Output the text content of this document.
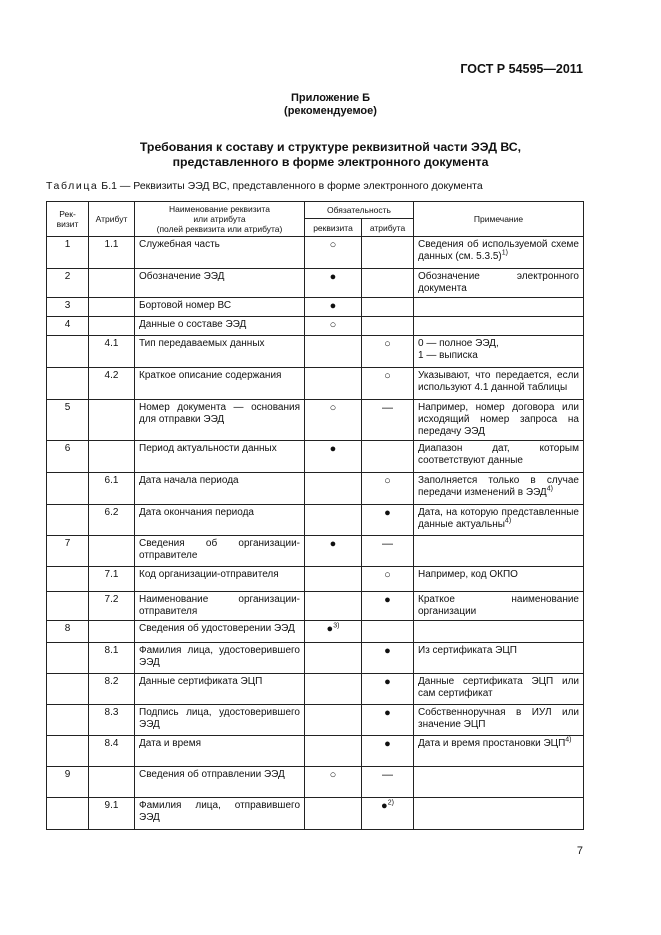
ГОСТ Р 54595—2011
Приложение Б
(рекомендуемое)
Требования к составу и структуре реквизитной части ЭЭД ВС,
представленного в форме электронного документа
Таблица Б.1 — Реквизиты ЭЭД ВС, представленного в форме электронного документа
Рек-
визит	Атрибут	Наименование реквизита
или атрибута
(полей реквизита или атрибута)	Обязательность		Примечание
			реквизита	атрибута	
1	1.1	Служебная часть	○		Сведения об используемой схеме данных (см. 5.3.5)$^{1)}$
2		Обозначение ЭЭД	●		Обозначение электронного документа
3		Бортовой номер ВС	●		
4		Данные о составе ЭЭД	○		
	4.1	Тип передаваемых данных		○	0 — полное ЭЭД,
1 — выписка
	4.2	Краткое описание содержания		○	Указывают, что передается, если используют 4.1 данной таблицы
5		Номер документа — основания для отправки ЭЭД	○	—	Например, номер договора или исходящий номер запроса на передачу ЭЭД
6		Период актуальности данных	●		Диапазон дат, которым соответствуют данные
	6.1	Дата начала периода		○	Заполняется только в случае передачи изменений в ЭЭД$^{4)}$
	6.2	Дата окончания периода		●	Дата, на которую представленные данные актуальны$^{4)}$
7		Сведения об организации-отправителе	●	—	
	7.1	Код организации-отправителя		○	Например, код ОКПО
	7.2	Наименование организации-отправителя		●	Краткое наименование организации
8		Сведения об удостоверении ЭЭД	●$^{3)}$		
	8.1	Фамилия лица, удостоверившего ЭЭД		●	Из сертификата ЭЦП
	8.2	Данные сертификата ЭЦП		●	Данные сертификата ЭЦП или сам сертификат
	8.3	Подпись лица, удостоверившего ЭЭД		●	Собственноручная в ИУЛ или значение ЭЦП
	8.4	Дата и время		●	Дата и время простановки ЭЦП$^{4)}$
9		Сведения об отправлении ЭЭД	○	—	
	9.1	Фамилия лица, отправившего ЭЭД		●$^{2)}$	
7
